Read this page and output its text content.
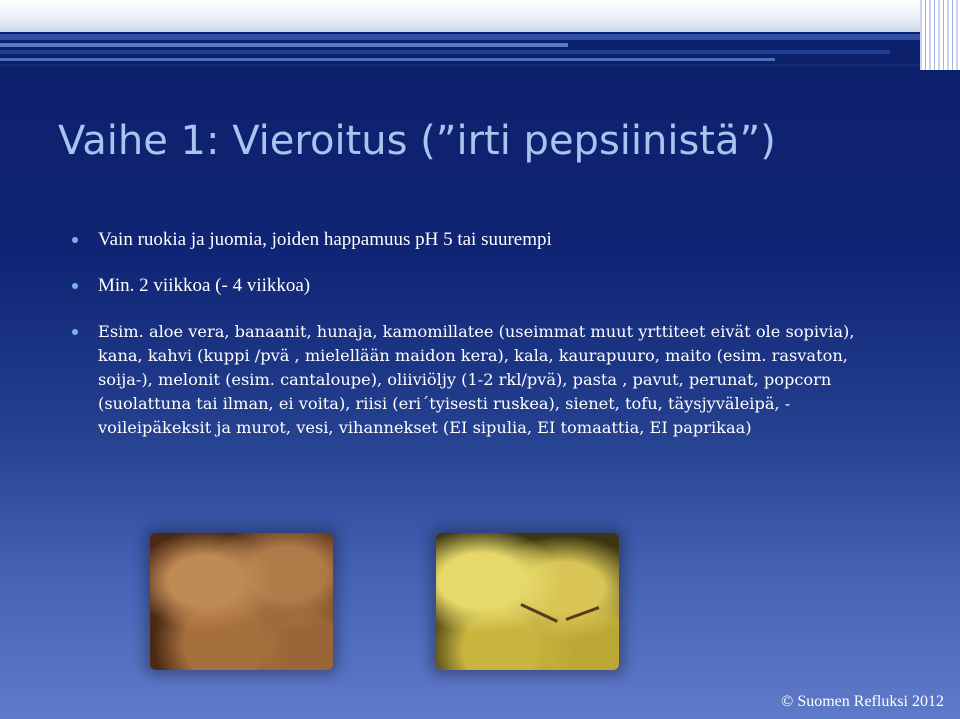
Vaihe 1: Vieroitus (”irti pepsiinistä”)
Vain ruokia ja juomia, joiden happamuus pH 5 tai suurempi
Min. 2 viikkoa (- 4 viikkoa)
Esim. aloe vera, banaanit, hunaja, kamomillatee (useimmat muut yrttiteet eivät ole sopivia), kana, kahvi (kuppi /pvä , mielellään maidon kera), kala, kaurapuuro, maito (esim. rasvaton, soija-), melonit (esim. cantaloupe), oliiviöljy (1-2 rkl/pvä), pasta , pavut, perunat, popcorn (suolattuna tai ilman, ei voita), riisi (eri´tyisesti ruskea), sienet, tofu, täysjyväleipä, - voileipäkeksit ja murot, vesi, vihannekset (EI sipulia, EI tomaattia, EI paprikaa)
© Suomen Refluksi 2012
